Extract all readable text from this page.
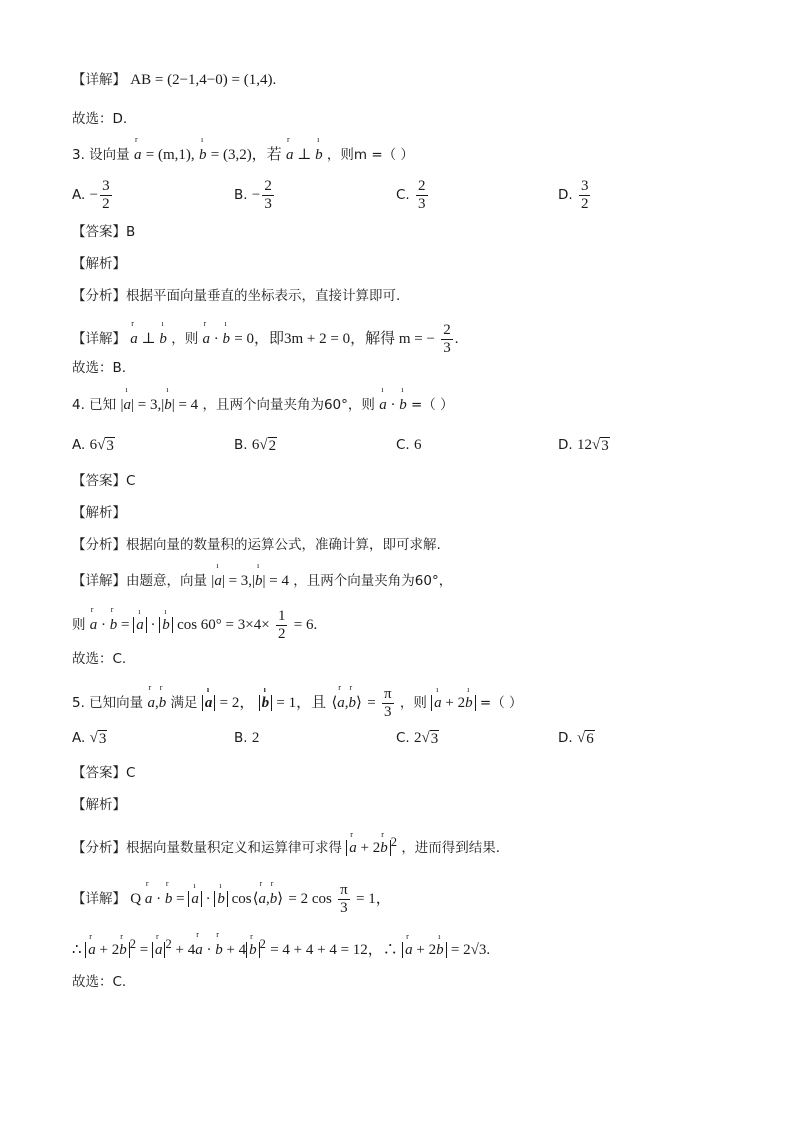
【详解】 AB = (2−1,4−0) = (1,4).
故选：D.
3. 设向量 r a = (m,1), ı b = (3,2)，若 r a ⊥ ı b ，则m =（ ）
A. − $\frac{3}{2}$	B. − $\frac{2}{3}$	C. $\frac{2}{3}$	D. $\frac{3}{2}$
【答案】B
【解析】
【分析】根据平面向量垂直的坐标表示，直接计算即可.
【详解】 r a ⊥ ı b ，则 r a · ı b = 0，即3m + 2 = 0，解得 m = − $\frac{2}{3}$ .
故选：B.
4. 已知 |ı a| = 3,|ı b| = 4 ，且两个向量夹角为60°，则 ı a · ı b =（ ）
A. 6 √ 3	B. 6 √ 2	C. 6	D. 12 √ 3
【答案】C
【解析】
【分析】根据向量的数量积的运算公式，准确计算，即可求解.
【详解】由题意，向量 |ı a| = 3,|ı b| = 4 ，且两个向量夹角为60°，
则 r a · r b = ı a · ı b $\cos 60^\circ = 3\times 4\times \frac{1}{2} = 6$.
故选：C.
5. 已知向量 r a,r b 满足 ı a = 2， ı b = 1，且 ⟨r a,r b⟩ = $\frac{\pi}{3}$ ，则 ı a + 2ı b =（ ）
A. √ 3	B. 2	C. 2 √ 3	D. √ 6
【答案】C
【解析】
【分析】根据向量数量积定义和运算律可求得 r a + 2r b $^2$ ，进而得到结果.
【详解】 Q r a · r b = ı a · ı b cos⟨r a,r b⟩ = 2 $\cos \frac{\pi}{3} = 1$，
∴ r a + 2r b $^2$ = r a $^2$ + 4r a · r b + 4 r b $^2$ = 4 + 4 + 4 = 12，∴ r a + 2ı b = 2√3.
故选：C.
